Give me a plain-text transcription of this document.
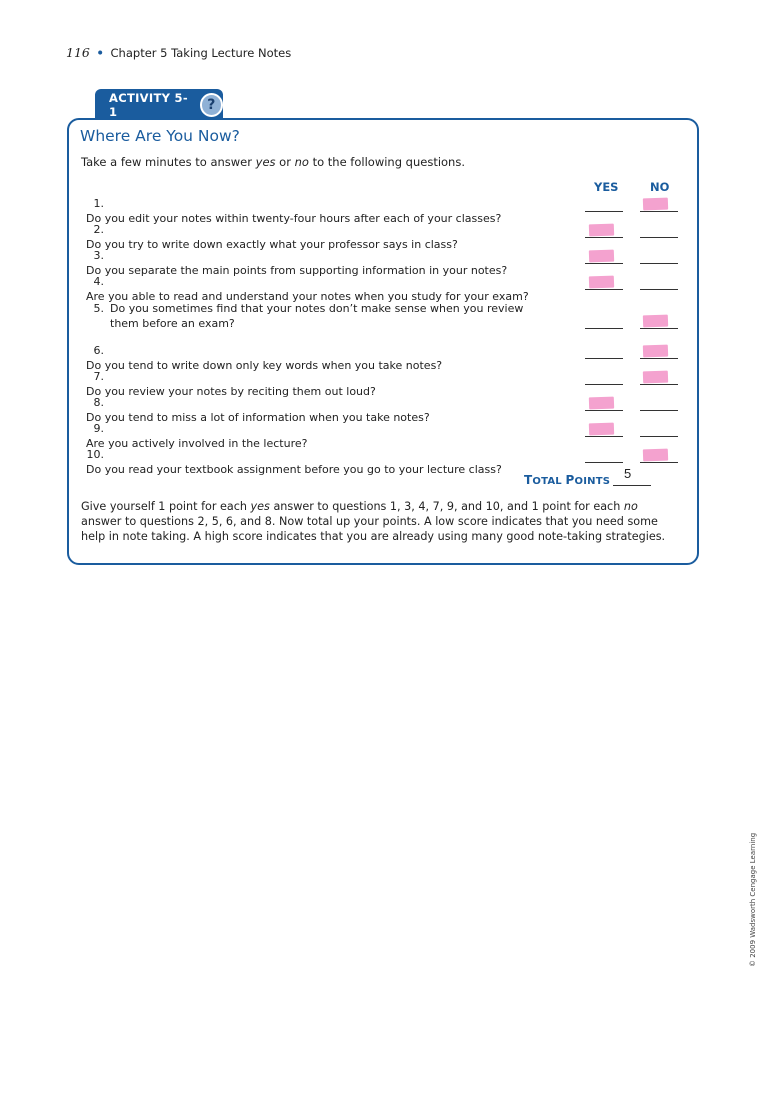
116 • Chapter 5 Taking Lecture Notes
ACTIVITY 5-1	?
Where Are You Now?
Take a few minutes to answer yes or no to the following questions.
YES	NO
1.Do you edit your notes within twenty-four hours after each of your classes?
2.Do you try to write down exactly what your professor says in class?
3.Do you separate the main points from supporting information in your notes?
4.Are you able to read and understand your notes when you study for your exam?
5. Do you sometimes find that your notes don’t make sense when you review them before an exam?
6.Do you tend to write down only key words when you take notes?
7.Do you review your notes by reciting them out loud?
8.Do you tend to miss a lot of information when you take notes?
9.Are you actively involved in the lecture?
10.Do you read your textbook assignment before you go to your lecture class?
TOTAL POINTS
5
Give yourself 1 point for each yes answer to questions 1, 3, 4, 7, 9, and 10, and 1 point for each no answer to questions 2, 5, 6, and 8. Now total up your points. A low score indicates that you need some help in note taking. A high score indicates that you are already using many good note-taking strategies.
© 2009 Wadsworth Cengage Learning
